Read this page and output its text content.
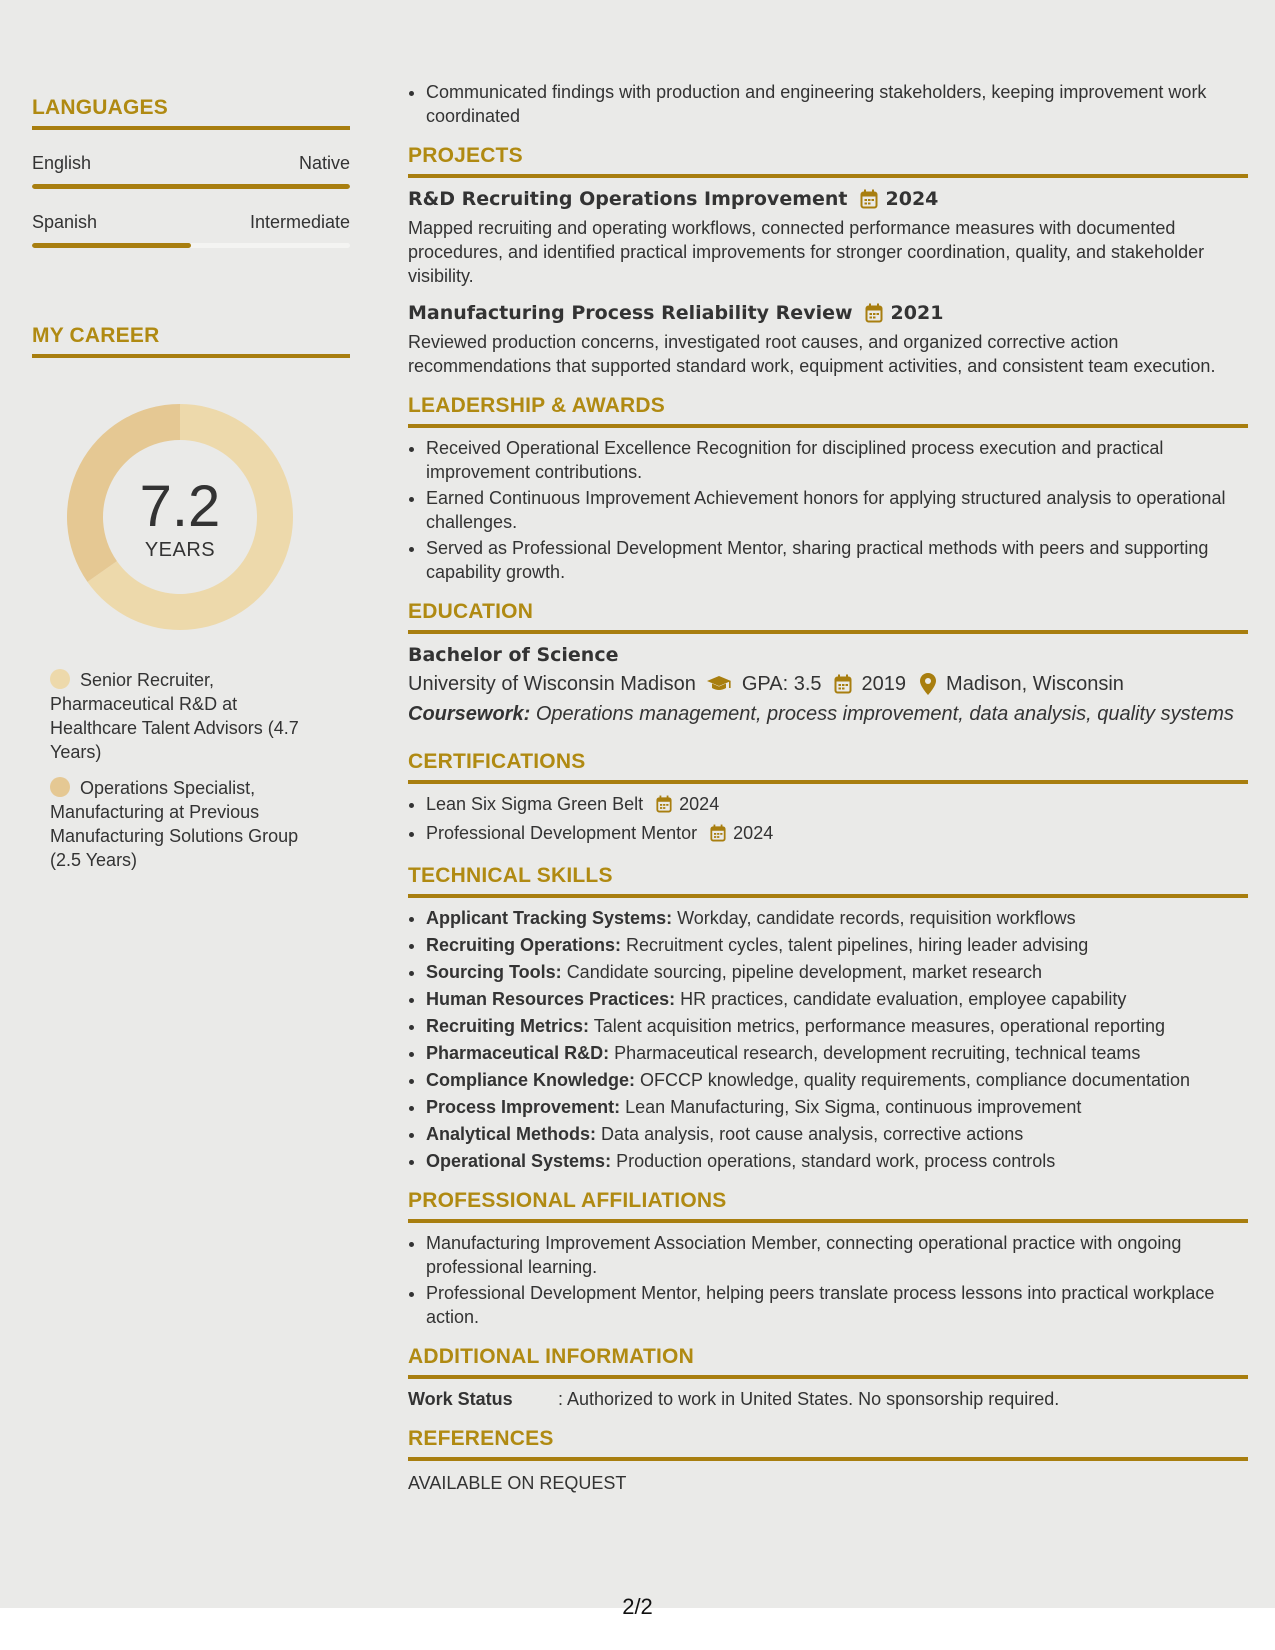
LANGUAGES
English	Native
Spanish	Intermediate
MY CAREER
7.2
YEARS
Senior Recruiter, Pharmaceutical R&D at Healthcare Talent Advisors (4.7 Years)
Operations Specialist, Manufacturing at Previous Manufacturing Solutions Group (2.5 Years)
• Communicated findings with production and engineering stakeholders, keeping improvement work coordinated
PROJECTS
R&D Recruiting Operations Improvement 2024

Mapped recruiting and operating workflows, connected performance measures with documented procedures, and identified practical improvements for stronger coordination, quality, and stakeholder visibility.

Manufacturing Process Reliability Review 2021

Reviewed production concerns, investigated root causes, and organized corrective action recommendations that supported standard work, equipment activities, and consistent team execution.

LEADERSHIP & AWARDS
• Received Operational Excellence Recognition for disciplined process execution and practical improvement contributions.
• Earned Continuous Improvement Achievement honors for applying structured analysis to operational challenges.
• Served as Professional Development Mentor, sharing practical methods with peers and supporting capability growth.
EDUCATION
Bachelor of Science
University of Wisconsin Madison GPA: 3.5 2019 Madison, Wisconsin
Coursework: Operations management, process improvement, data analysis, quality systems
CERTIFICATIONS
• Lean Six Sigma Green Belt 2024
• Professional Development Mentor 2024
TECHNICAL SKILLS
• Applicant Tracking Systems: Workday, candidate records, requisition workflows
• Recruiting Operations: Recruitment cycles, talent pipelines, hiring leader advising
• Sourcing Tools: Candidate sourcing, pipeline development, market research
• Human Resources Practices: HR practices, candidate evaluation, employee capability
• Recruiting Metrics: Talent acquisition metrics, performance measures, operational reporting
• Pharmaceutical R&D: Pharmaceutical research, development recruiting, technical teams
• Compliance Knowledge: OFCCP knowledge, quality requirements, compliance documentation
• Process Improvement: Lean Manufacturing, Six Sigma, continuous improvement
• Analytical Methods: Data analysis, root cause analysis, corrective actions
• Operational Systems: Production operations, standard work, process controls
PROFESSIONAL AFFILIATIONS
• Manufacturing Improvement Association Member, connecting operational practice with ongoing professional learning.
• Professional Development Mentor, helping peers translate process lessons into practical workplace action.
ADDITIONAL INFORMATION
Work Status	: Authorized to work in United States. No sponsorship required.
REFERENCES

AVAILABLE ON REQUEST

2/2
